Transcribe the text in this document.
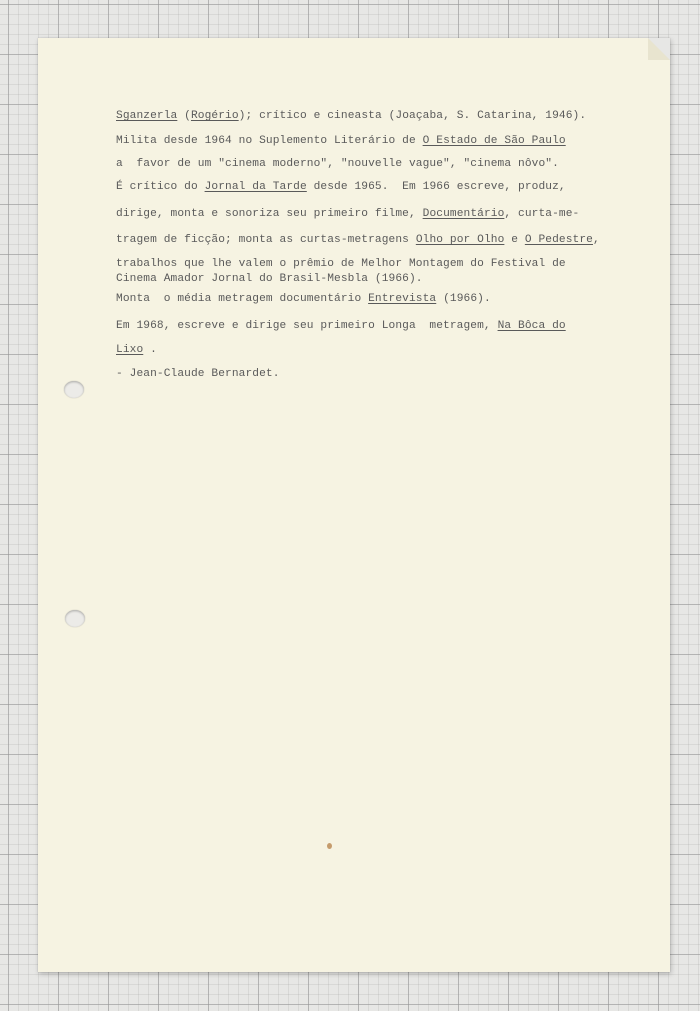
Sganzerla (Rogério); crítico e cineasta (Joaçaba, S. Catarina, 1946).
Milita desde 1964 no Suplemento Literário de O Estado de São Paulo
a  favor de um "cinema moderno", "nouvelle vague", "cinema nôvo".
É crítico do Jornal da Tarde desde 1965.  Em 1966 escreve, produz,
dirige, monta e sonoriza seu primeiro filme, Documentário, curta-me-
tragem de ficção; monta as curtas-metragens Olho por Olho e O Pedestre,
trabalhos que lhe valem o prêmio de Melhor Montagem do Festival de
Cinema Amador Jornal do Brasil-Mesbla (1966).
Monta  o média metragem documentário Entrevista (1966).
Em 1968, escreve e dirige seu primeiro Longa  metragem, Na Bôca do
Lixo .
- Jean-Claude Bernardet.
